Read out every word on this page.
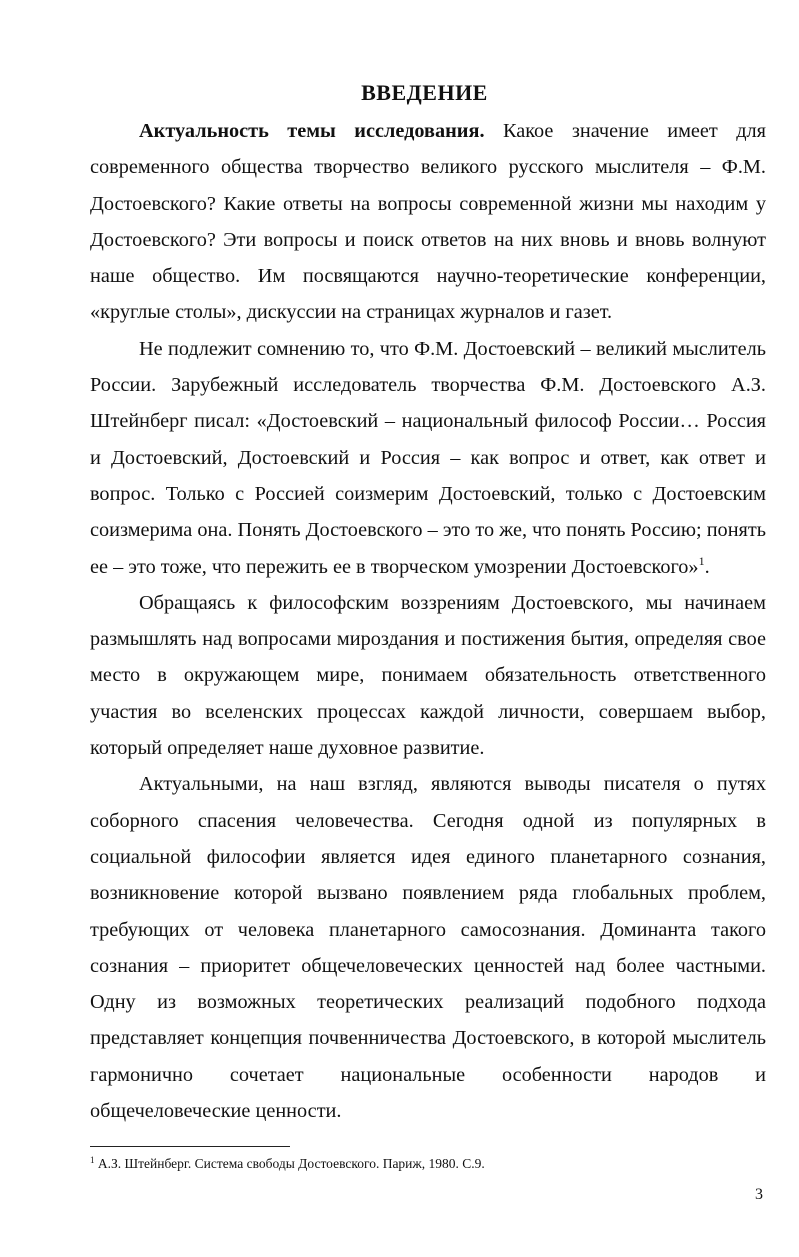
ВВЕДЕНИЕ

Актуальность темы исследования. Какое значение имеет для современного общества творчество великого русского мыслителя – Ф.М. Достоевского? Какие ответы на вопросы современной жизни мы находим у Достоевского? Эти вопросы и поиск ответов на них вновь и вновь волнуют наше общество. Им посвящаются научно-теоретические конференции, «круглые столы», дискуссии на страницах журналов и газет.

Не подлежит сомнению то, что Ф.М. Достоевский – великий мыслитель России. Зарубежный исследователь творчества Ф.М. Достоевского А.З. Штейнберг писал: «Достоевский – национальный философ России… Россия и Достоевский, Достоевский и Россия – как вопрос и ответ, как ответ и вопрос. Только с Россией соизмерим Достоевский, только с Достоевским соизмерима она. Понять Достоевского – это то же, что понять Россию; понять ее – это тоже, что пережить ее в творческом умозрении Достоевского»$^1$.

Обращаясь к философским воззрениям Достоевского, мы начинаем размышлять над вопросами мироздания и постижения бытия, определяя свое место в окружающем мире, понимаем обязательность ответственного участия во вселенских процессах каждой личности, совершаем выбор, который определяет наше духовное развитие.

Актуальными, на наш взгляд, являются выводы писателя о путях соборного спасения человечества. Сегодня одной из популярных в социальной философии является идея единого планетарного сознания, возникновение которой вызвано появлением ряда глобальных проблем, требующих от человека планетарного самосознания. Доминанта такого сознания – приоритет общечеловеческих ценностей над более частными. Одну из возможных теоретических реализаций подобного подхода представляет концепция почвенничества Достоевского, в которой мыслитель гармонично сочетает национальные особенности народов и общечеловеческие ценности.

$^1$ А.З. Штейнберг. Система свободы Достоевского. Париж, 1980. С.9.

3
